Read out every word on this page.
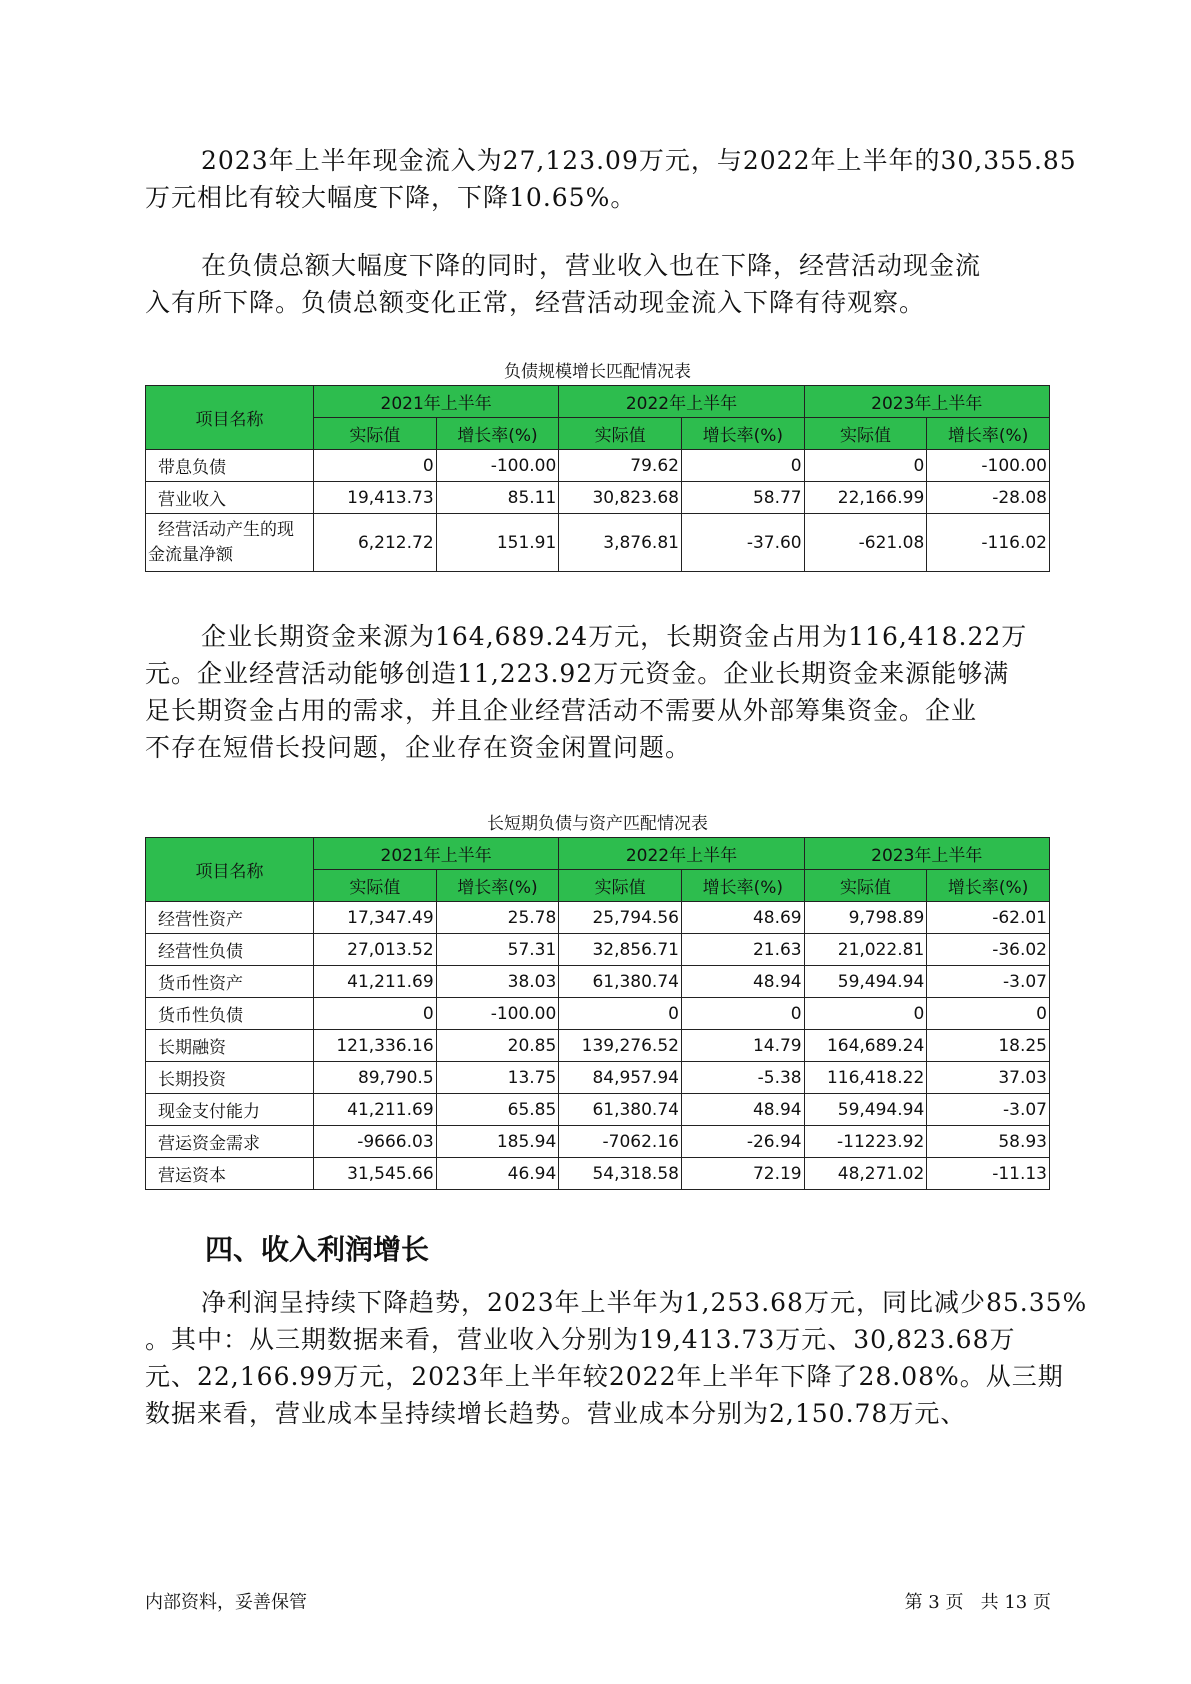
2023年上半年现金流入为27,123.09万元，与2022年上半年的30,355.85
万元相比有较大幅度下降，下降10.65%。
在负债总额大幅度下降的同时，营业收入也在下降，经营活动现金流
入有所下降。负债总额变化正常，经营活动现金流入下降有待观察。
负债规模增长匹配情况表
项目名称	2021年上半年		2022年上半年		2023年上半年	
	实际值	增长率(%)	实际值	增长率(%)	实际值	增长率(%)
带息负债	0	-100.00	79.62	0	0	-100.00
营业收入	19,413.73	85.11	30,823.68	58.77	22,166.99	-28.08

经营活动产生的现
金流量净额	6,212.72	151.91	3,876.81	-37.60	-621.08	-116.02
企业长期资金来源为164,689.24万元，长期资金占用为116,418.22万
元。企业经营活动能够创造11,223.92万元资金。企业长期资金来源能够满
足长期资金占用的需求，并且企业经营活动不需要从外部筹集资金。企业
不存在短借长投问题，企业存在资金闲置问题。
长短期负债与资产匹配情况表
项目名称	2021年上半年		2022年上半年		2023年上半年	
	实际值	增长率(%)	实际值	增长率(%)	实际值	增长率(%)
经营性资产	17,347.49	25.78	25,794.56	48.69	9,798.89	-62.01
经营性负债	27,013.52	57.31	32,856.71	21.63	21,022.81	-36.02
货币性资产	41,211.69	38.03	61,380.74	48.94	59,494.94	-3.07
货币性负债	0	-100.00	0	0	0	0
长期融资	121,336.16	20.85	139,276.52	14.79	164,689.24	18.25
长期投资	89,790.5	13.75	84,957.94	-5.38	116,418.22	37.03
现金支付能力	41,211.69	65.85	61,380.74	48.94	59,494.94	-3.07
营运资金需求	-9666.03	185.94	-7062.16	-26.94	-11223.92	58.93
营运资本	31,545.66	46.94	54,318.58	72.19	48,271.02	-11.13
四、收入利润增长
净利润呈持续下降趋势，2023年上半年为1,253.68万元，同比减少85.35%
。其中：从三期数据来看，营业收入分别为19,413.73万元、30,823.68万
元、22,166.99万元，2023年上半年较2022年上半年下降了28.08%。从三期
数据来看，营业成本呈持续增长趋势。营业成本分别为2,150.78万元、
内部资料，妥善保管	第 3 页   共 13 页
